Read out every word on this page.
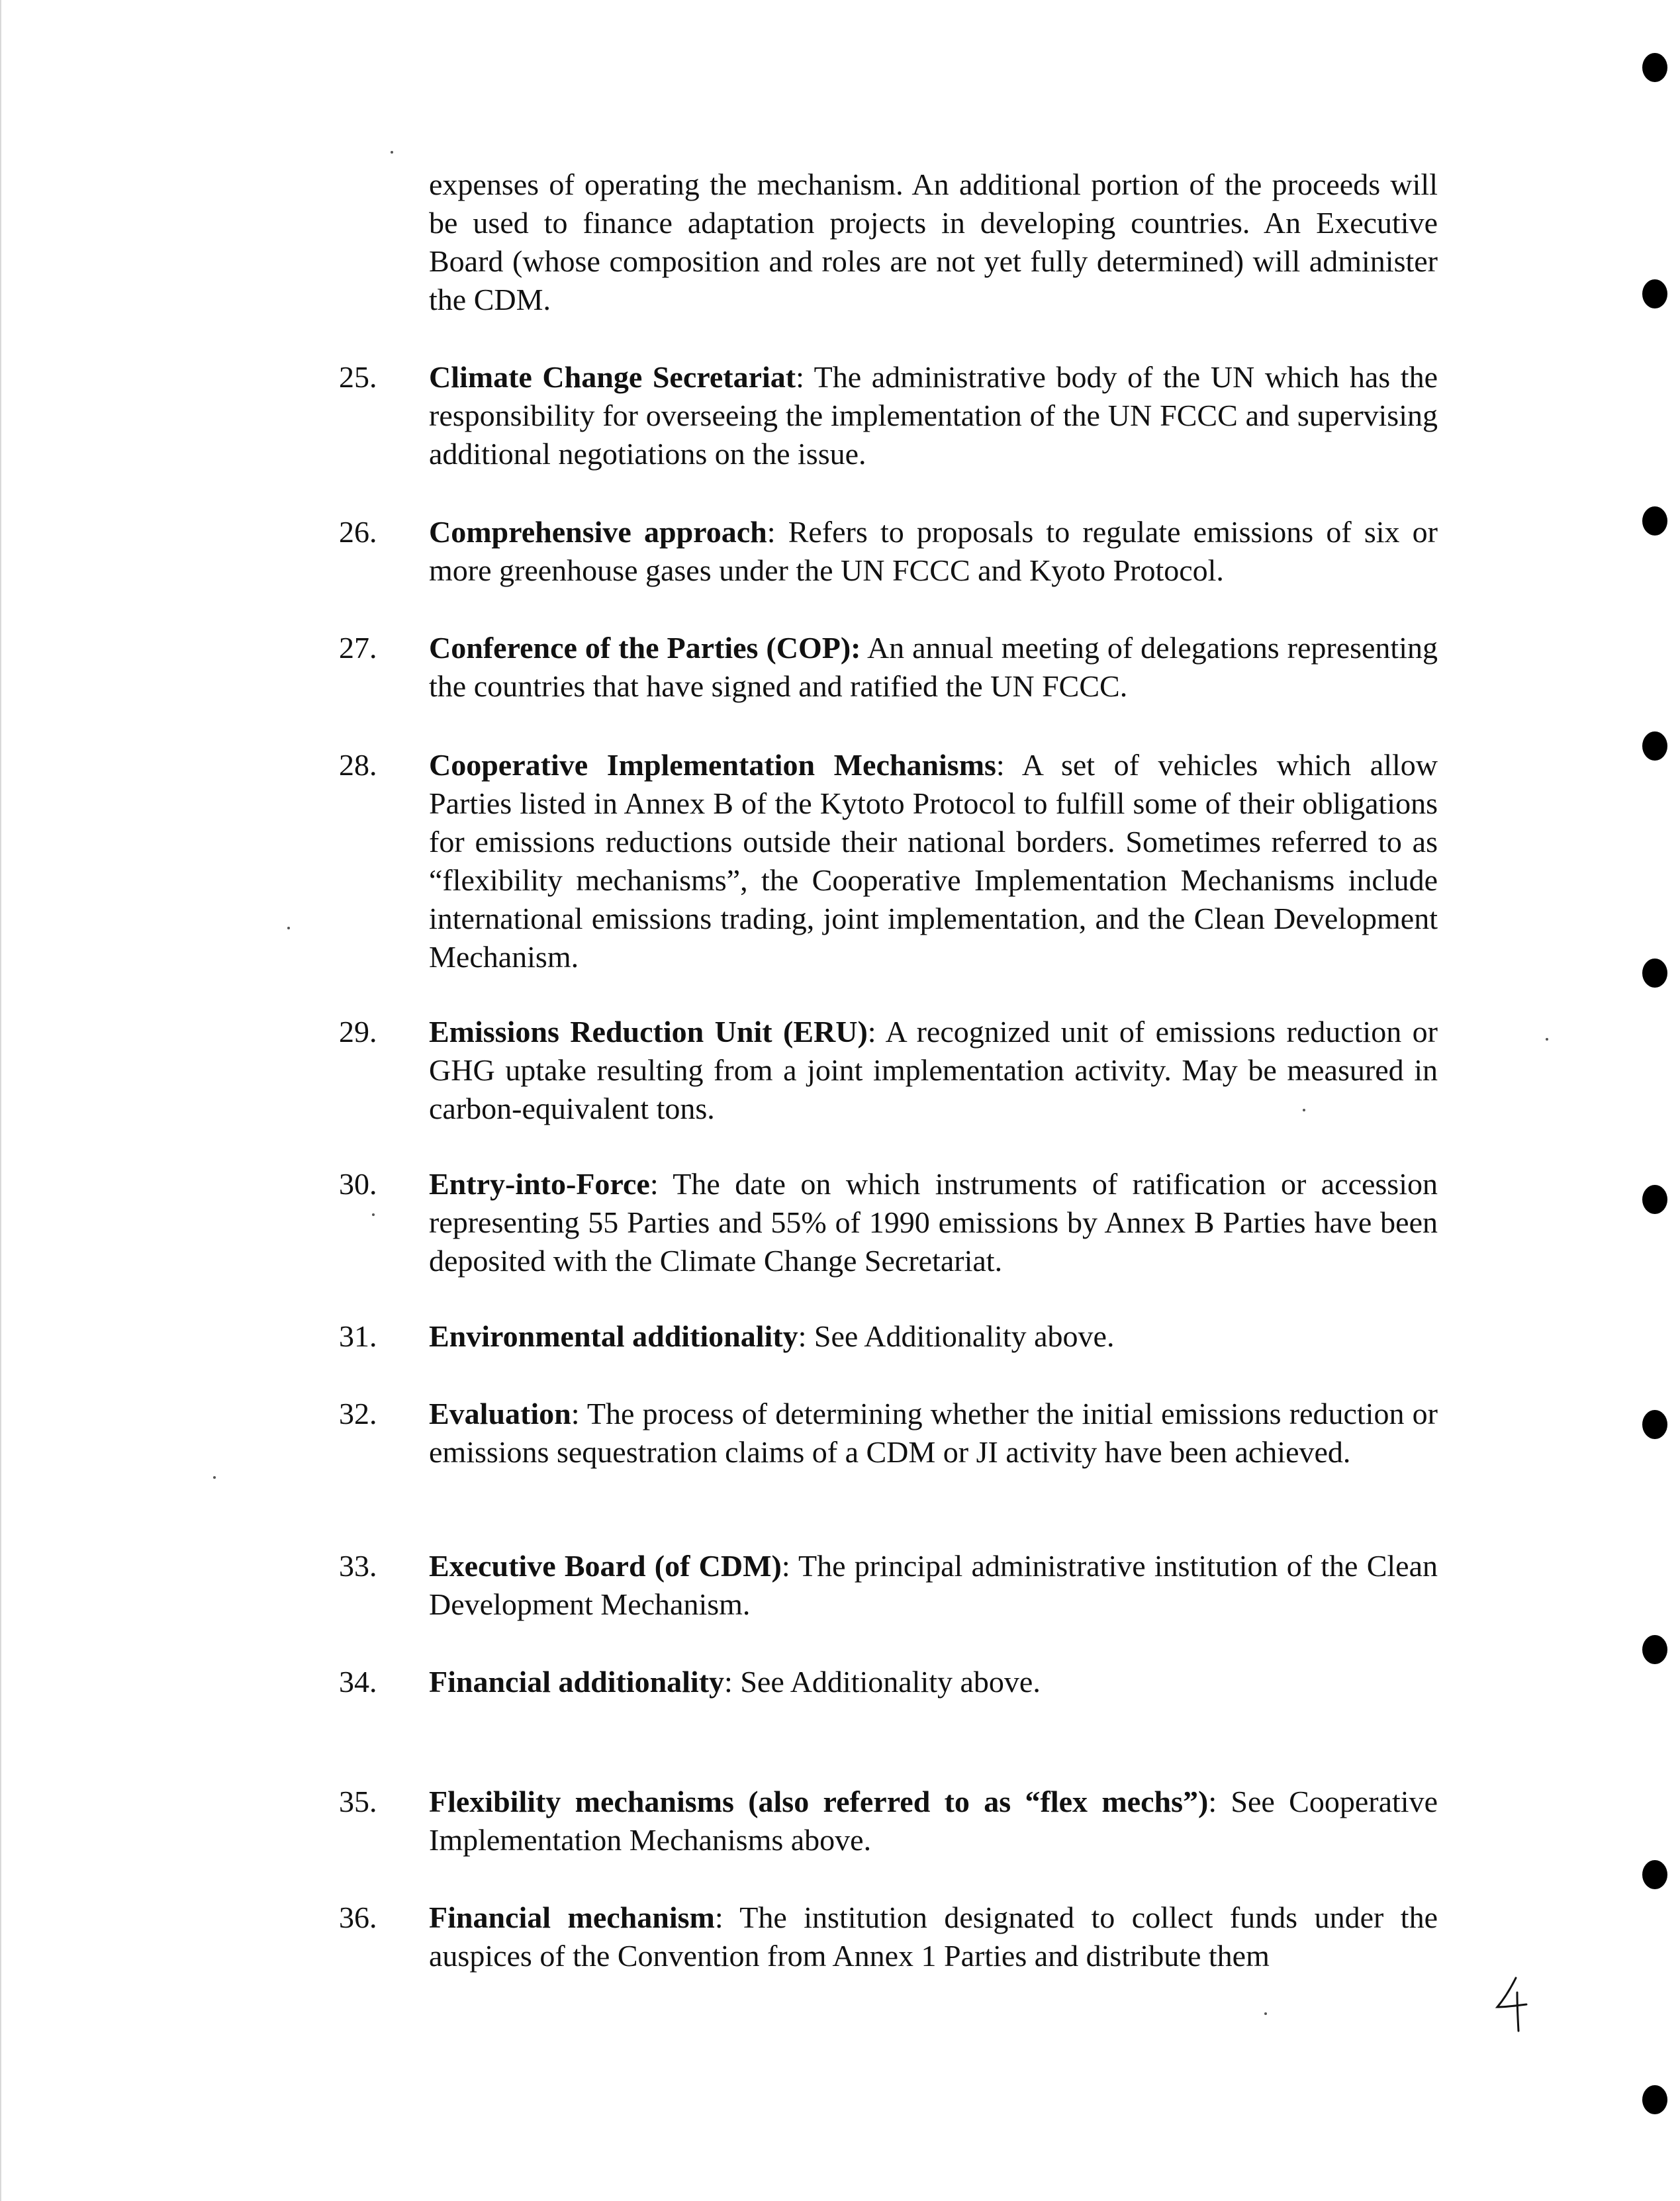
expenses of operating the mechanism. An additional portion of the proceeds will be used to finance adaptation projects in developing countries. An Executive Board (whose composition and roles are not yet fully determined) will administer the CDM.

25. Climate Change Secretariat: The administrative body of the UN which has the responsibility for overseeing the implementation of the UN FCCC and supervising additional negotiations on the issue.

26. Comprehensive approach: Refers to proposals to regulate emissions of six or more greenhouse gases under the UN FCCC and Kyoto Protocol.

27. Conference of the Parties (COP): An annual meeting of delegations representing the countries that have signed and ratified the UN FCCC.

28. Cooperative Implementation Mechanisms: A set of vehicles which allow Parties listed in Annex B of the Kytoto Protocol to fulfill some of their obligations for emissions reductions outside their national borders. Sometimes referred to as “flexibility mechanisms”, the Cooperative Implementation Mechanisms include international emissions trading, joint implementation, and the Clean Development Mechanism.

29. Emissions Reduction Unit (ERU): A recognized unit of emissions reduction or GHG uptake resulting from a joint implementation activity. May be measured in carbon-equivalent tons.

30. Entry-into-Force: The date on which instruments of ratification or accession representing 55 Parties and 55% of 1990 emissions by Annex B Parties have been deposited with the Climate Change Secretariat.

31. Environmental additionality: See Additionality above.

32. Evaluation: The process of determining whether the initial emissions reduction or emissions sequestration claims of a CDM or JI activity have been achieved.

33. Executive Board (of CDM): The principal administrative institution of the Clean Development Mechanism.

34. Financial additionality: See Additionality above.

35. Flexibility mechanisms (also referred to as “flex mechs”): See Cooperative Implementation Mechanisms above.

36. Financial mechanism: The institution designated to collect funds under the auspices of the Convention from Annex 1 Parties and distribute them
